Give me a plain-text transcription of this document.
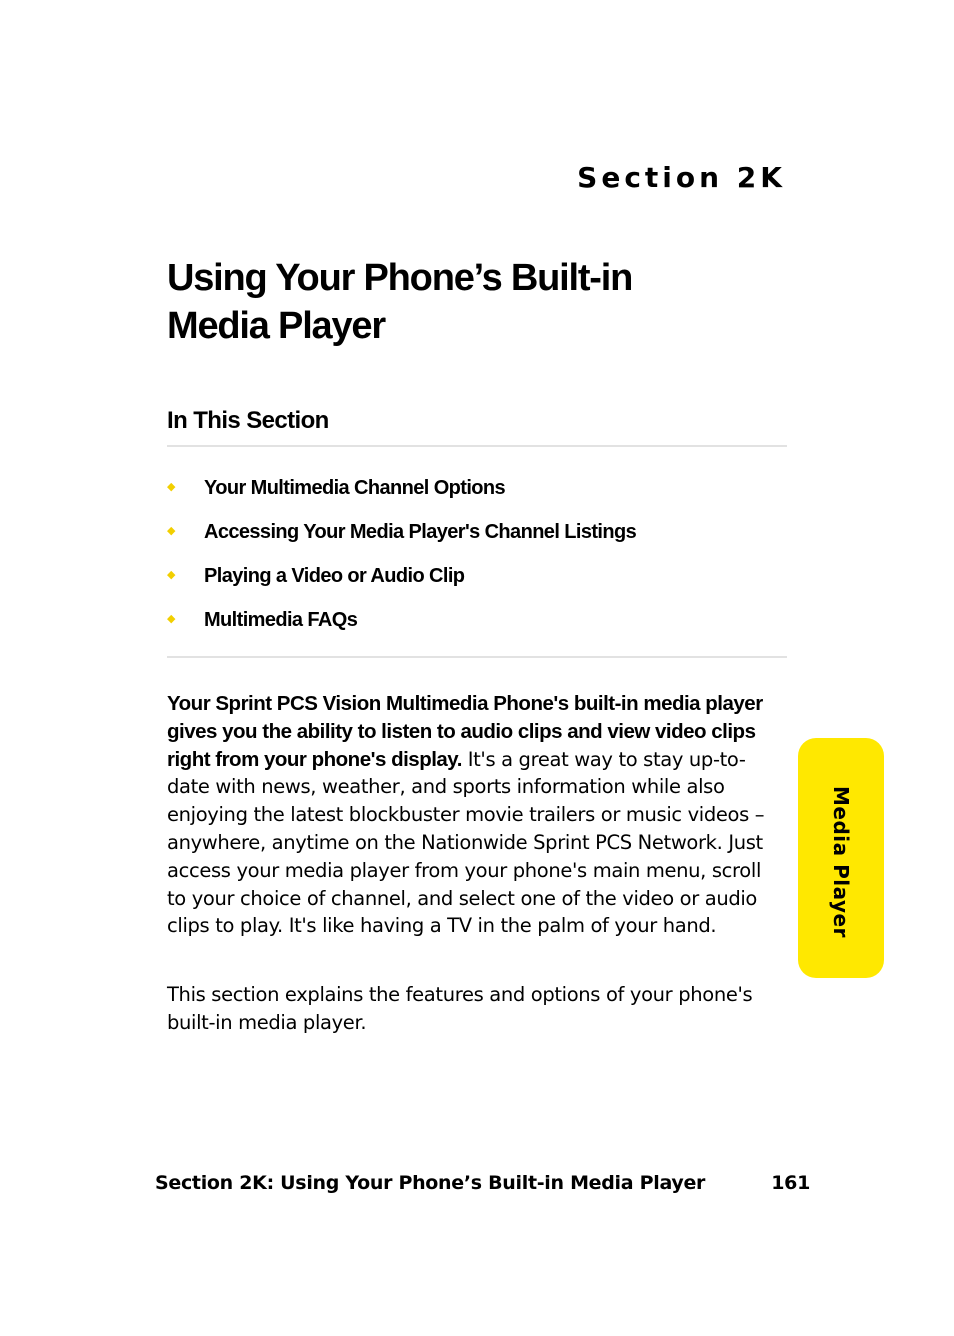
Section 2K
Using Your Phone’s Built-in
Media Player
In This Section
◆ Your Multimedia Channel Options
◆ Accessing Your Media Player's Channel Listings
◆ Playing a Video or Audio Clip
◆ Multimedia FAQs

Your Sprint PCS Vision Multimedia Phone's built-in media player gives you the ability to listen to audio clips and view video clips right from your phone's display. It's a great way to stay up-to-date with news, weather, and sports information while also enjoying the latest blockbuster movie trailers or music videos – anywhere, anytime on the Nationwide Sprint PCS Network. Just access your media player from your phone's main menu, scroll to your choice of channel, and select one of the video or audio clips to play. It's like having a TV in the palm of your hand.

This section explains the features and options of your phone's built-in media player.

Media Player
Section 2K: Using Your Phone’s Built-in Media Player	161
